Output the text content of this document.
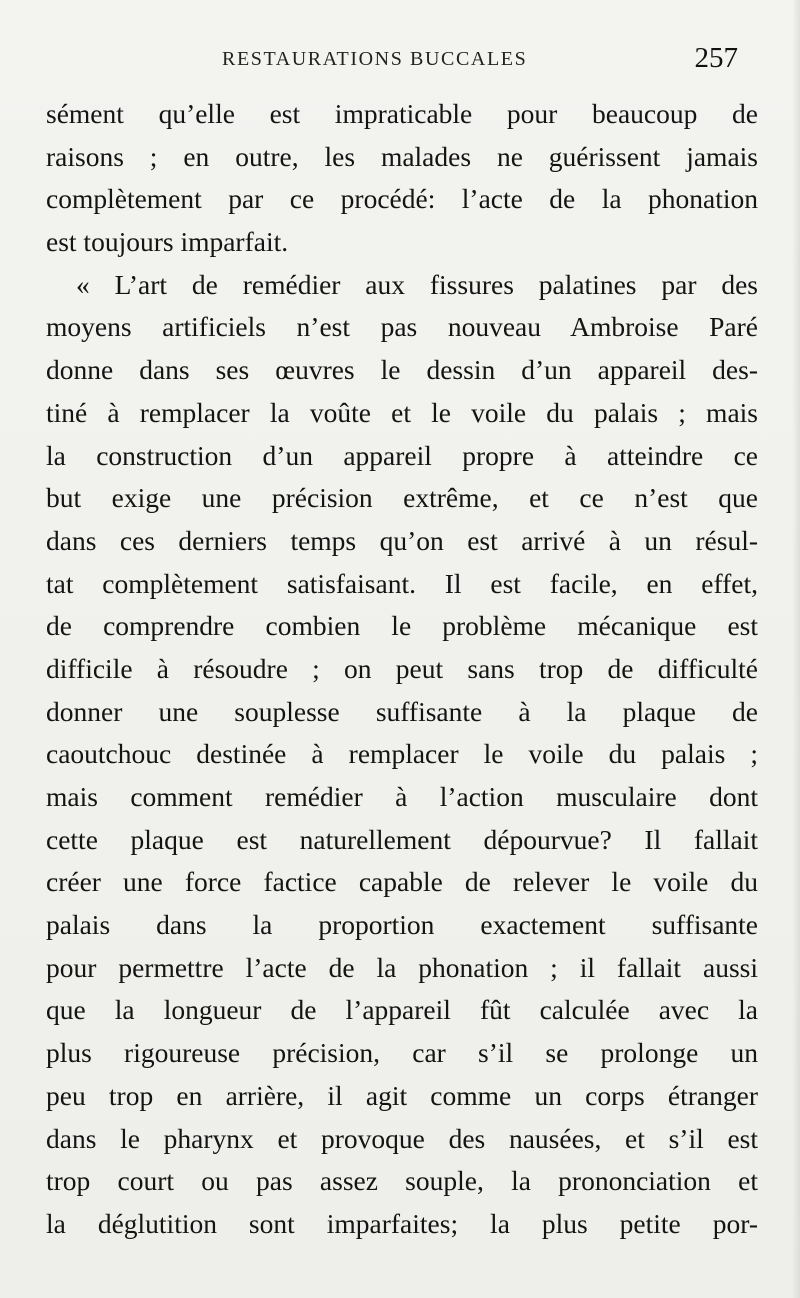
RESTAURATIONS BUCCALES	257
sément qu’elle est impraticable pour beaucoup de
raisons ; en outre, les malades ne guérissent jamais
complètement par ce procédé: l’acte de la phonation
est toujours imparfait.
« L’art de remédier aux fissures palatines par des
moyens artificiels n’est pas nouveau Ambroise Paré
donne dans ses œuvres le dessin d’un appareil des-
tiné à remplacer la voûte et le voile du palais ; mais
la construction d’un appareil propre à atteindre ce
but exige une précision extrême, et ce n’est que
dans ces derniers temps qu’on est arrivé à un résul-
tat complètement satisfaisant. Il est facile, en effet,
de comprendre combien le problème mécanique est
difficile à résoudre ; on peut sans trop de difficulté
donner une souplesse suffisante à la plaque de
caoutchouc destinée à remplacer le voile du palais ;
mais comment remédier à l’action musculaire dont
cette plaque est naturellement dépourvue? Il fallait
créer une force factice capable de relever le voile du
palais dans la proportion exactement suffisante
pour permettre l’acte de la phonation ; il fallait aussi
que la longueur de l’appareil fût calculée avec la
plus rigoureuse précision, car s’il se prolonge un
peu trop en arrière, il agit comme un corps étranger
dans le pharynx et provoque des nausées, et s’il est
trop court ou pas assez souple, la prononciation et
la déglutition sont imparfaites; la plus petite por-
